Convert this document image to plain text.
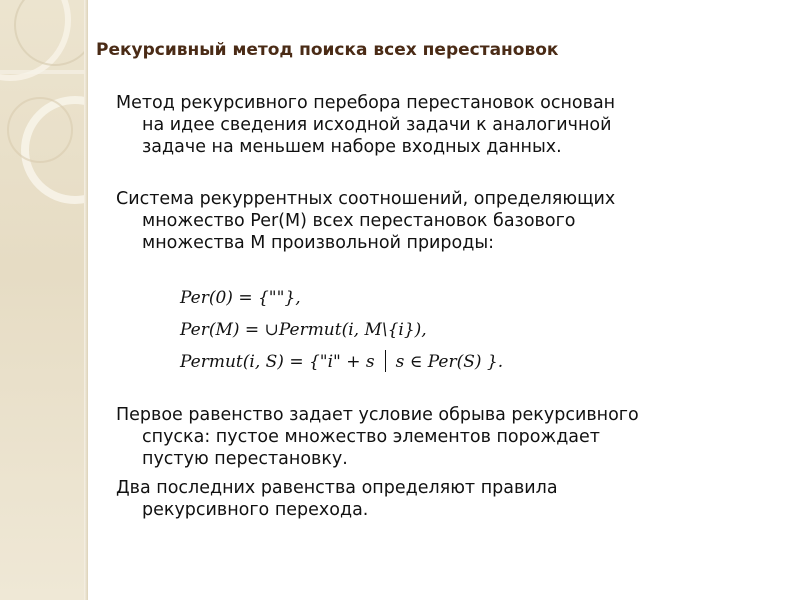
Рекурсивный метод поиска всех перестановок
Метод рекурсивного перебора перестановок основан
на идее сведения исходной задачи к аналогичной
задаче на меньшем наборе входных данных.
Система рекуррентных соотношений, определяющих
множество Per(M) всех перестановок базового
множества M произвольной природы:
Per(0) = {""},
Per(M) = ∪Permut(i, M\{i}),
Permut(i, S) = {"i" + s s ∈ Per(S) }.
Первое равенство задает условие обрыва рекурсивного
спуска: пустое множество элементов порождает
пустую перестановку.
Два последних равенства определяют правила
рекурсивного перехода.
